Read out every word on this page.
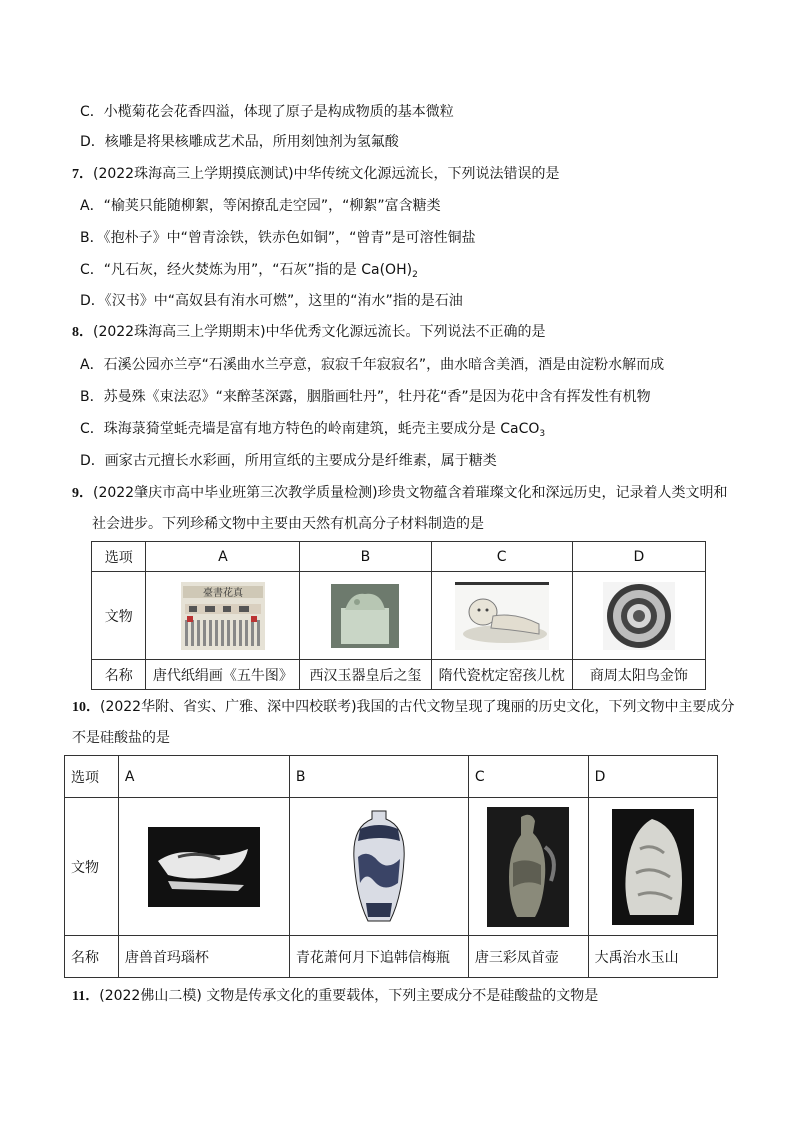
C．小榄菊花会花香四溢，体现了原子是构成物质的基本微粒
D．核雕是将果核雕成艺术品，所用刻蚀剂为氢氟酸
7．(2022珠海高三上学期摸底测试)中华传统文化源远流长，下列说法错误的是
A．“榆荚只能随柳絮，等闲撩乱走空园”，“柳絮”富含糖类
B．《抱朴子》中“曾青涂铁，铁赤色如铜”，“曾青”是可溶性铜盐
C．“凡石灰，经火焚炼为用”，“石灰”指的是 $Ca(OH)_2$
D．《汉书》中“高奴县有洧水可燃”，这里的“洧水”指的是石油
8．(2022珠海高三上学期期末)中华优秀文化源远流长。下列说法不正确的是
A．石溪公园亦兰亭“石溪曲水兰亭意，寂寂千年寂寂名”，曲水暗含美酒，酒是由淀粉水解而成
B．苏曼殊《束法忍》“来醉茎深露，胭脂画牡丹”，牡丹花“香”是因为花中含有挥发性有机物
C．珠海菉猗堂蚝壳墙是富有地方特色的岭南建筑，蚝壳主要成分是 CaCO$_3$
D．画家古元擅长水彩画，所用宣纸的主要成分是纤维素，属于糖类
9．(2022肇庆市高中毕业班第三次教学质量检测)珍贵文物蕴含着璀璨文化和深远历史，记录着人类文明和
社会进步。下列珍稀文物中主要由天然有机高分子材料制造的是
选项	A	B	C	D
文物	臺書花真

名称	唐代纸绢画《五牛图》	西汉玉器皇后之玺	隋代瓷枕定窑孩儿枕	商周太阳鸟金饰
10．(2022华附、省实、广雅、深中四校联考)我国的古代文物呈现了瑰丽的历史文化，下列文物中主要成分
不是硅酸盐的是
选项	A	B	C	D
文物	

名称	唐兽首玛瑙杯	青花萧何月下追韩信梅瓶	唐三彩凤首壶	大禹治水玉山
11．(2022佛山二模) 文物是传承文化的重要载体，下列主要成分不是硅酸盐的文物是
